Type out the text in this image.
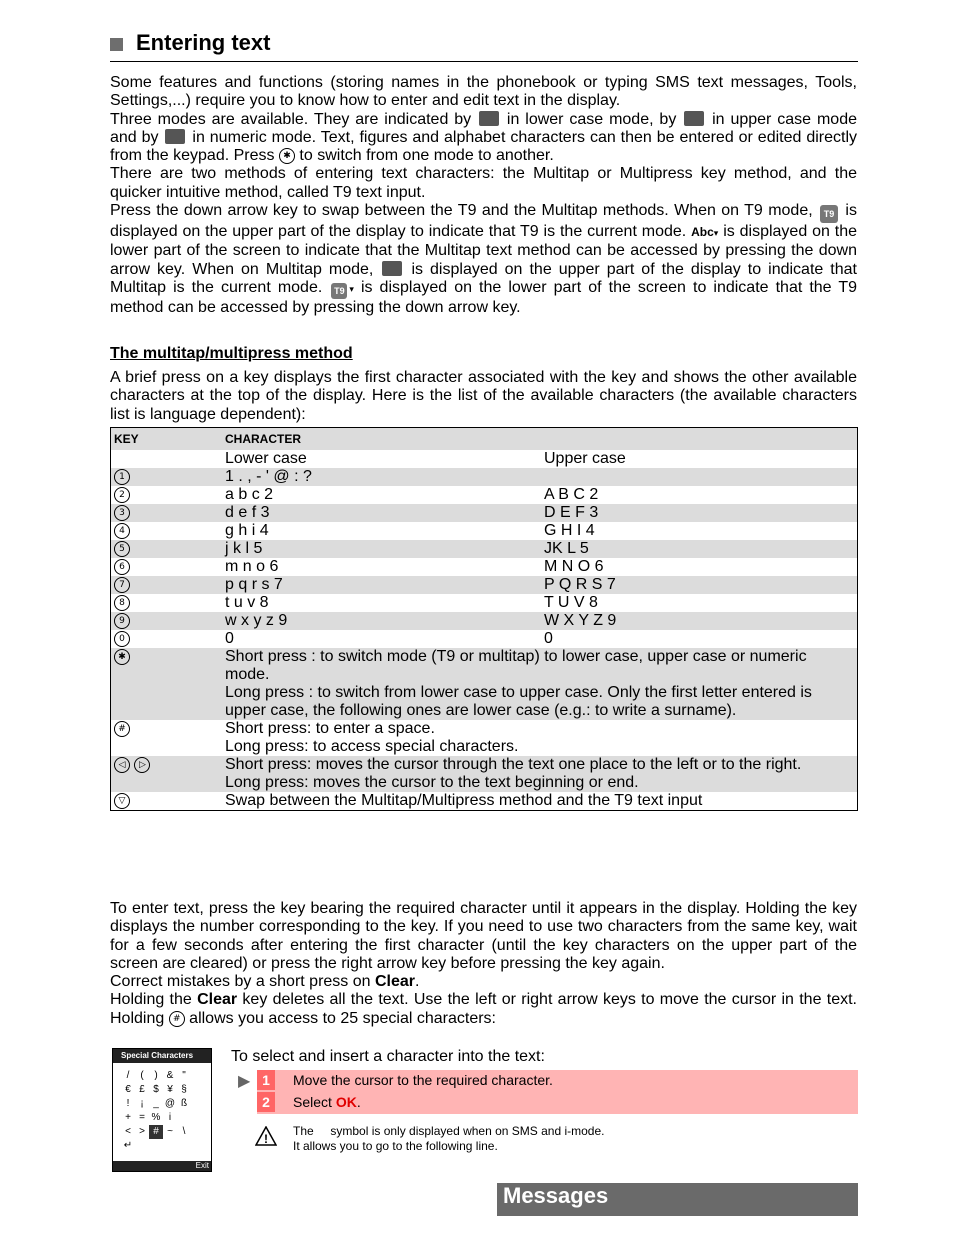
Entering text
Some features and functions (storing names in the phonebook or typing SMS text messages, Tools, Settings,...) require you to know how to enter and edit text in the display.
Three modes are available. They are indicated by in lower case mode, by in upper case mode and by in numeric mode. Text, figures and alphabet characters can then be entered or edited directly from the keypad. Press ✱ to switch from one mode to another.
There are two methods of entering text characters: the Multitap or Multipress key method, and the quicker intuitive method, called T9 text input.
Press the down arrow key to swap between the T9 and the Multitap methods. When on T9 mode, T9 is displayed on the upper part of the display to indicate that T9 is the current mode. Abc▾ is displayed on the lower part of the screen to indicate that the Multitap text method can be accessed by pressing the down arrow key. When on Multitap mode, is displayed on the upper part of the display to indicate that Multitap is the current mode. T9 ▾ is displayed on the lower part of the screen to indicate that the T9 method can be accessed by pressing the down arrow key.
The multitap/multipress method
A brief press on a key displays the first character associated with the key and shows the other available characters at the top of the display. Here is the list of the available characters (the available characters list is language dependent):
KEY	CHARACTER	
	Lower case	Upper case
1	1 . , - ' @ : ?	
2	a b c 2	A B C 2
3	d e f 3	D E F 3
4	g h i 4	G H I 4
5	j k l 5	JK L 5
6	m n o 6	M N O 6
7	p q r s 7	P Q R S 7
8	t u v 8	T U V 8
9	w x y z 9	W X Y Z 9
0	0	0
✱	Short press : to switch mode (T9 or multitap) to lower case, upper case or numeric mode.
Long press : to switch from lower case to upper case. Only the first letter entered is upper case, the following ones are lower case (e.g.: to write a surname).	
#	Short press: to enter a space.
Long press: to access special characters.	
◁ ▷	Short press: moves the cursor through the text one place to the left or to the right.
Long press: moves the cursor to the text beginning or end.	
▽	Swap between the Multitap/Multipress method and the T9 text input	
To enter text, press the key bearing the required character until it appears in the display. Holding the key displays the number corresponding to the key. If you need to use two characters from the same key, wait for a few seconds after entering the first character (until the key characters on the upper part of the screen are cleared) or press the right arrow key before pressing the key again.
Correct mistakes by a short press on Clear.
Holding the Clear key deletes all the text. Use the left or right arrow keys to move the cursor in the text. Holding # allows you access to 25 special characters:
To select and insert a character into the text:
Special Characters
/ ( ) & "
€ £ $ ¥ §
! ¡ _ @ ß
+ = % i
< > # ~ \
↵
Exit
▶ 1	Move the cursor to the required character.
2	Select OK.
!
The     symbol is only displayed when on SMS and i-mode.
It allows you to go to the following line.
Messages
